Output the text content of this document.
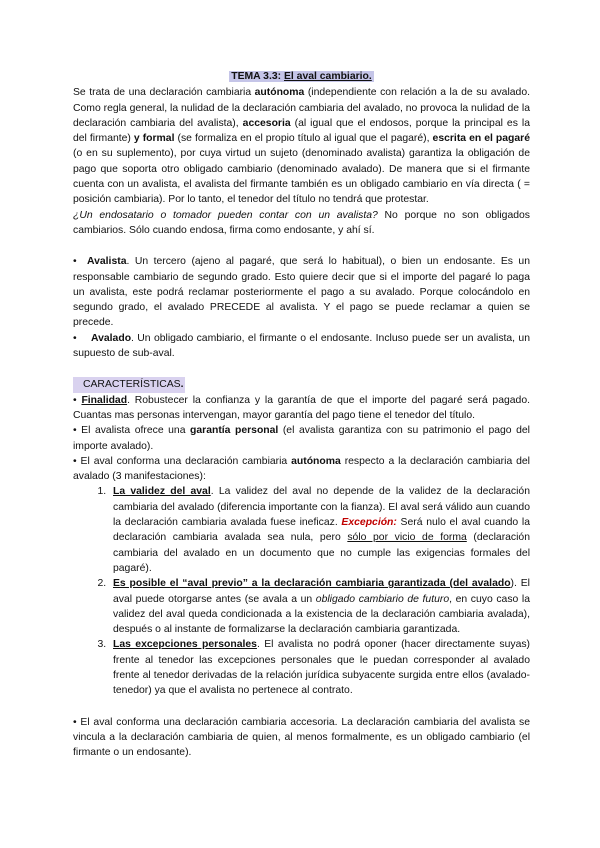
TEMA 3.3: El aval cambiario.

Se trata de una declaración cambiaria autónoma (independiente con relación a la de su avalado. Como regla general, la nulidad de la declaración cambiaria del avalado, no provoca la nulidad de la declaración cambiaria del avalista), accesoria (al igual que el endosos, porque la principal es la del firmante) y formal (se formaliza en el propio título al igual que el pagaré), escrita en el pagaré (o en su suplemento), por cuya virtud un sujeto (denominado avalista) garantiza la obligación de pago que soporta otro obligado cambiario (denominado avalado). De manera que si el firmante cuenta con un avalista, el avalista del firmante también es un obligado cambiario en vía directa ( = posición cambiaria). Por lo tanto, el tenedor del título no tendrá que protestar.

¿Un endosatario o tomador pueden contar con un avalista? No porque no son obligados cambiarios. Sólo cuando endosa, firma como endosante, y ahí sí.

• Avalista. Un tercero (ajeno al pagaré, que será lo habitual), o bien un endosante. Es un responsable cambiario de segundo grado. Esto quiere decir que si el importe del pagaré lo paga un avalista, este podrá reclamar posteriormente el pago a su avalado. Porque colocándolo en segundo grado, el avalado PRECEDE al avalista. Y el pago se puede reclamar a quien se precede.

• Avalado. Un obligado cambiario, el firmante o el endosante. Incluso puede ser un avalista, un supuesto de sub-aval.

CARACTERÍSTICAS.

• Finalidad. Robustecer la confianza y la garantía de que el importe del pagaré será pagado. Cuantas mas personas intervengan, mayor garantía del pago tiene el tenedor del título.

• El avalista ofrece una garantía personal (el avalista garantiza con su patrimonio el pago del importe avalado).

• El aval conforma una declaración cambiaria autónoma respecto a la declaración cambiaria del avalado (3 manifestaciones):

1. La validez del aval. La validez del aval no depende de la validez de la declaración cambiaria del avalado (diferencia importante con la fianza). El aval será válido aun cuando la declaración cambiaria avalada fuese ineficaz. Excepción: Será nulo el aval cuando la declaración cambiaria avalada sea nula, pero sólo por vicio de forma (declaración cambiaria del avalado en un documento que no cumple las exigencias formales del pagaré).
2. Es posible el “aval previo” a la declaración cambiaria garantizada (del avalado). El aval puede otorgarse antes (se avala a un obligado cambiario de futuro, en cuyo caso la validez del aval queda condicionada a la existencia de la declaración cambiaria avalada), después o al instante de formalizarse la declaración cambiaria garantizada.
3. Las excepciones personales. El avalista no podrá oponer (hacer directamente suyas) frente al tenedor las excepciones personales que le puedan corresponder al avalado frente al tenedor derivadas de la relación jurídica subyacente surgida entre ellos (avalado-tenedor) ya que el avalista no pertenece al contrato.

• El aval conforma una declaración cambiaria accesoria. La declaración cambiaria del avalista se vincula a la declaración cambiaria de quien, al menos formalmente, es un obligado cambiario (el firmante o un endosante).
